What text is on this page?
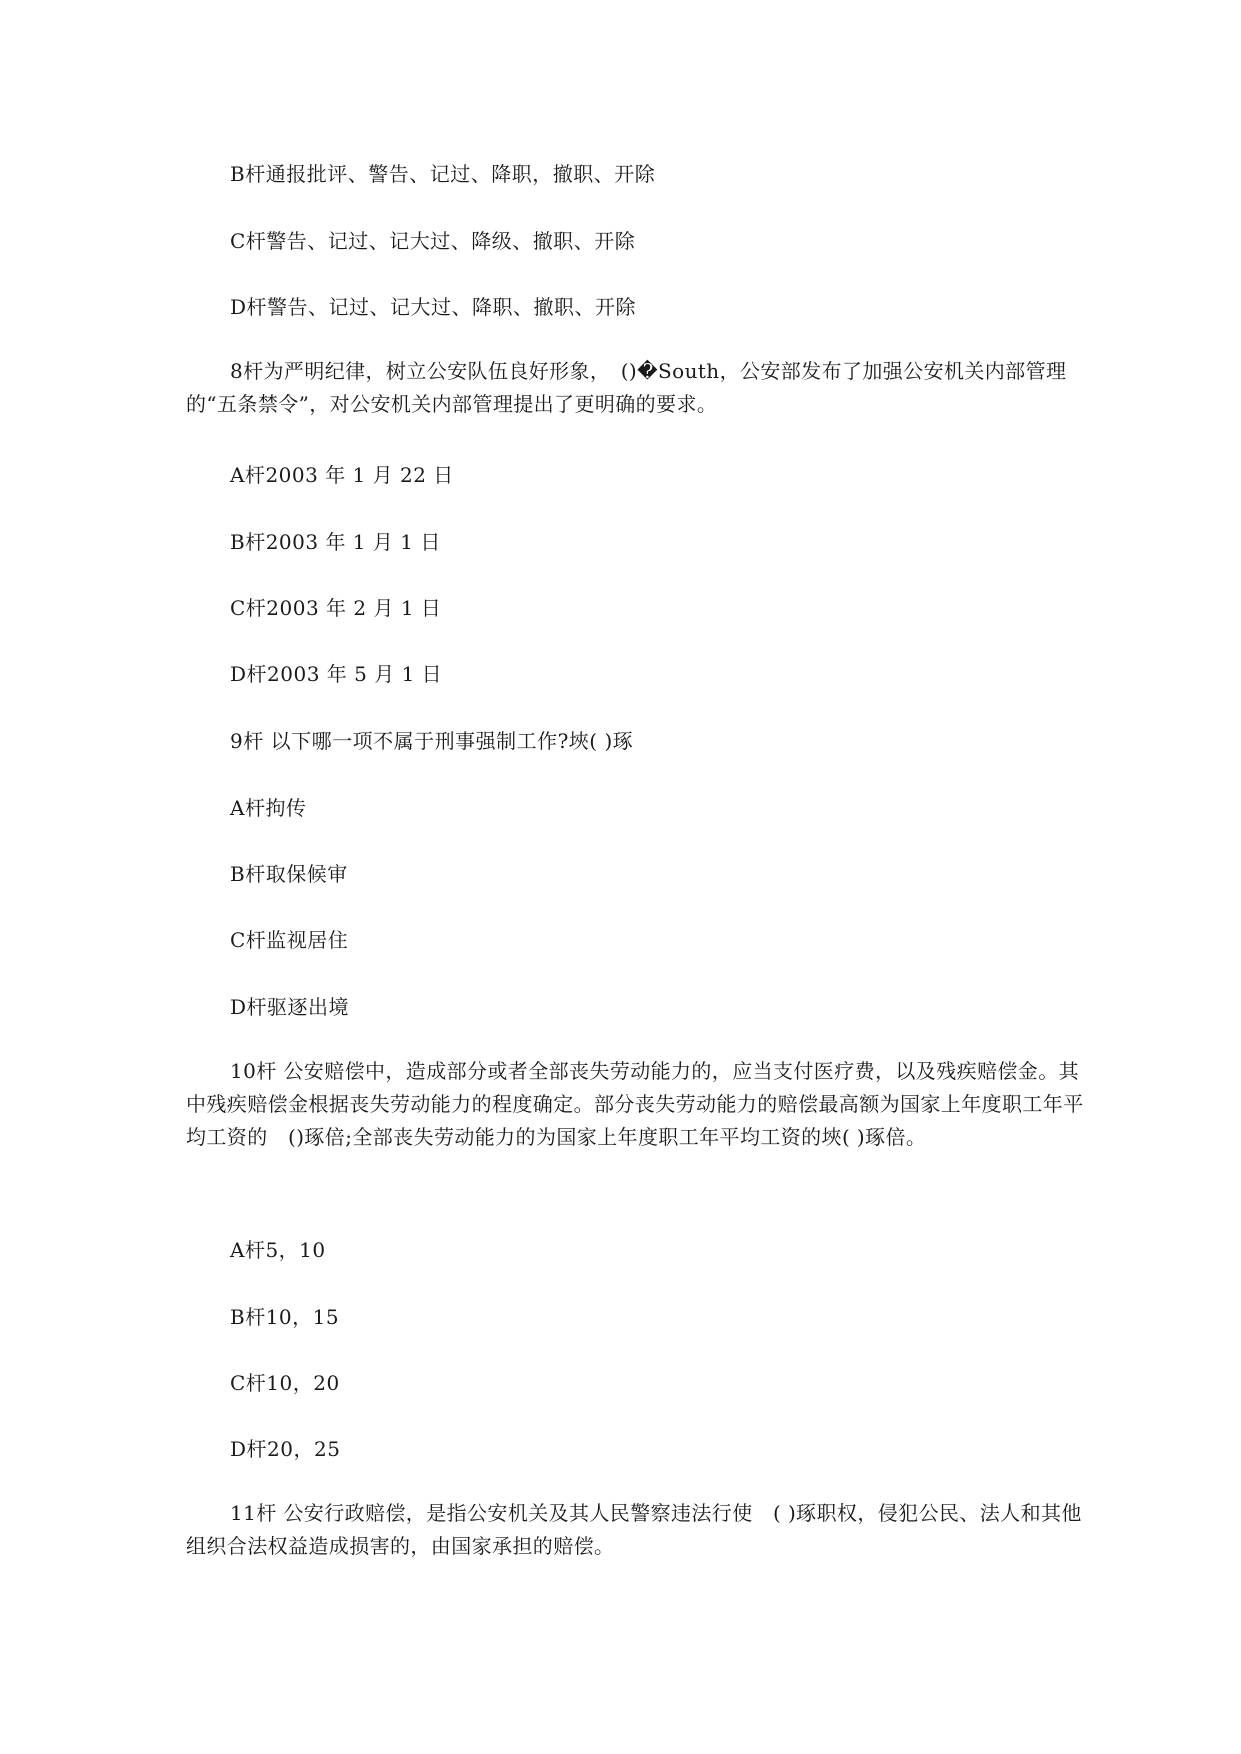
B杆通报批评、警告、记过、降职，撤职、开除
C杆警告、记过、记大过、降级、撤职、开除
D杆警告、记过、记大过、降职、撤职、开除
8杆为严明纪律，树立公安队伍良好形象，　()�South，公安部发布了加强公安机关内部管理的“五条禁令”，对公安机关内部管理提出了更明确的要求。
A杆2003 年 1 月 22 日
B杆2003 年 1 月 1 日
C杆2003 年 2 月 1 日
D杆2003 年 5 月 1 日
9杆 以下哪一项不属于刑事强制工作?埉( )琢
A杆拘传
B杆取保候审
C杆监视居住
D杆驱逐出境
10杆 公安赔偿中，造成部分或者全部丧失劳动能力的，应当支付医疗费，以及残疾赔偿金。其中残疾赔偿金根据丧失劳动能力的程度确定。部分丧失劳动能力的赔偿最高额为国家上年度职工年平均工资的　()琢倍;全部丧失劳动能力的为国家上年度职工年平均工资的埉( )琢倍。
A杆5，10
B杆10，15
C杆10，20
D杆20，25
11杆 公安行政赔偿，是指公安机关及其人民警察违法行使　( )琢职权，侵犯公民、法人和其他组织合法权益造成损害的，由国家承担的赔偿。
